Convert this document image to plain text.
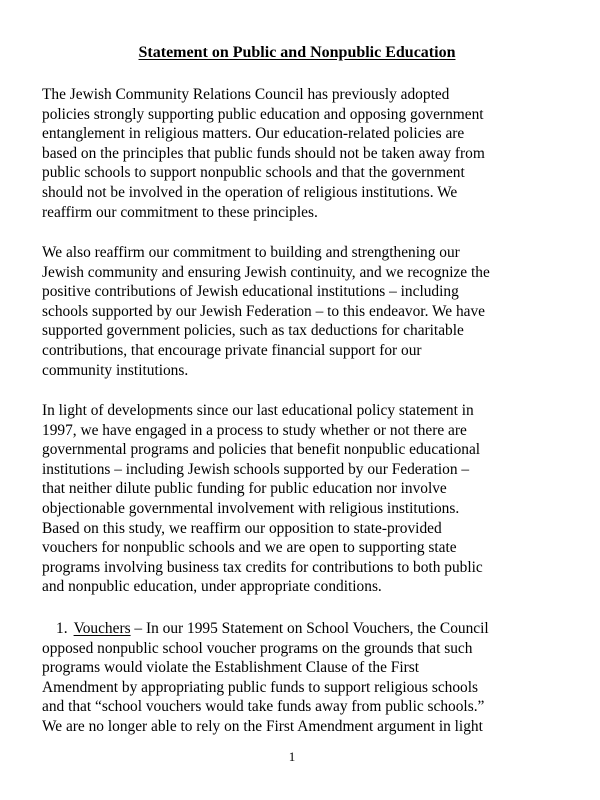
Statement on Public and Nonpublic Education

The Jewish Community Relations Council has previously adopted
policies strongly supporting public education and opposing government
entanglement in religious matters. Our education-related policies are
based on the principles that public funds should not be taken away from
public schools to support nonpublic schools and that the government
should not be involved in the operation of religious institutions. We
reaffirm our commitment to these principles.

We also reaffirm our commitment to building and strengthening our
Jewish community and ensuring Jewish continuity, and we recognize the
positive contributions of Jewish educational institutions – including
schools supported by our Jewish Federation – to this endeavor. We have
supported government policies, such as tax deductions for charitable
contributions, that encourage private financial support for our
community institutions.

In light of developments since our last educational policy statement in
1997, we have engaged in a process to study whether or not there are
governmental programs and policies that benefit nonpublic educational
institutions – including Jewish schools supported by our Federation –
that neither dilute public funding for public education nor involve
objectionable governmental involvement with religious institutions.
Based on this study, we reaffirm our opposition to state-provided
vouchers for nonpublic schools and we are open to supporting state
programs involving business tax credits for contributions to both public
and nonpublic education, under appropriate conditions.

1. Vouchers – In our 1995 Statement on School Vouchers, the Council
opposed nonpublic school voucher programs on the grounds that such
programs would violate the Establishment Clause of the First
Amendment by appropriating public funds to support religious schools
and that “school vouchers would take funds away from public schools.”
We are no longer able to rely on the First Amendment argument in light
1
